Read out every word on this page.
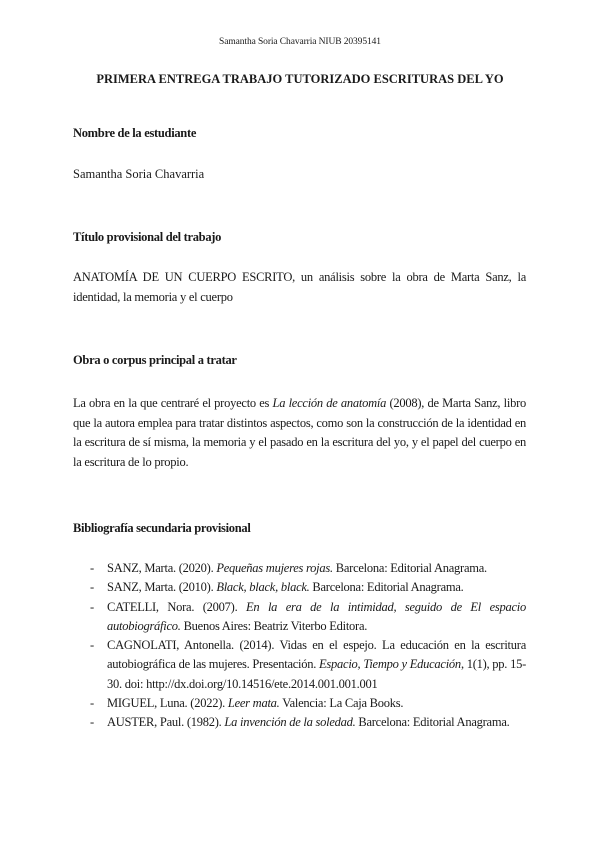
Samantha Soria Chavarria NIUB 20395141
PRIMERA ENTREGA TRABAJO TUTORIZADO ESCRITURAS DEL YO
Nombre de la estudiante
Samantha Soria Chavarria
Título provisional del trabajo

ANATOMÍA DE UN CUERPO ESCRITO, un análisis sobre la obra de Marta Sanz, la identidad, la memoria y el cuerpo

Obra o corpus principal a tratar

La obra en la que centraré el proyecto es La lección de anatomía (2008), de Marta Sanz, libro que la autora emplea para tratar distintos aspectos, como son la construcción de la identidad en la escritura de sí misma, la memoria y el pasado en la escritura del yo, y el papel del cuerpo en la escritura de lo propio.

Bibliografía secundaria provisional
- SANZ, Marta. (2020). Pequeñas mujeres rojas. Barcelona: Editorial Anagrama.
- SANZ, Marta. (2010). Black, black, black. Barcelona: Editorial Anagrama.
- CATELLI, Nora. (2007). En la era de la intimidad, seguido de El espacio autobiográfico. Buenos Aires: Beatriz Viterbo Editora.
- CAGNOLATI, Antonella. (2014). Vidas en el espejo. La educación en la escritura autobiográfica de las mujeres. Presentación. Espacio, Tiempo y Educación, 1(1), pp. 15-30. doi: http://dx.doi.org/10.14516/ete.2014.001.001.001
- MIGUEL, Luna. (2022). Leer mata. Valencia: La Caja Books.
- AUSTER, Paul. (1982). La invención de la soledad. Barcelona: Editorial Anagrama.
